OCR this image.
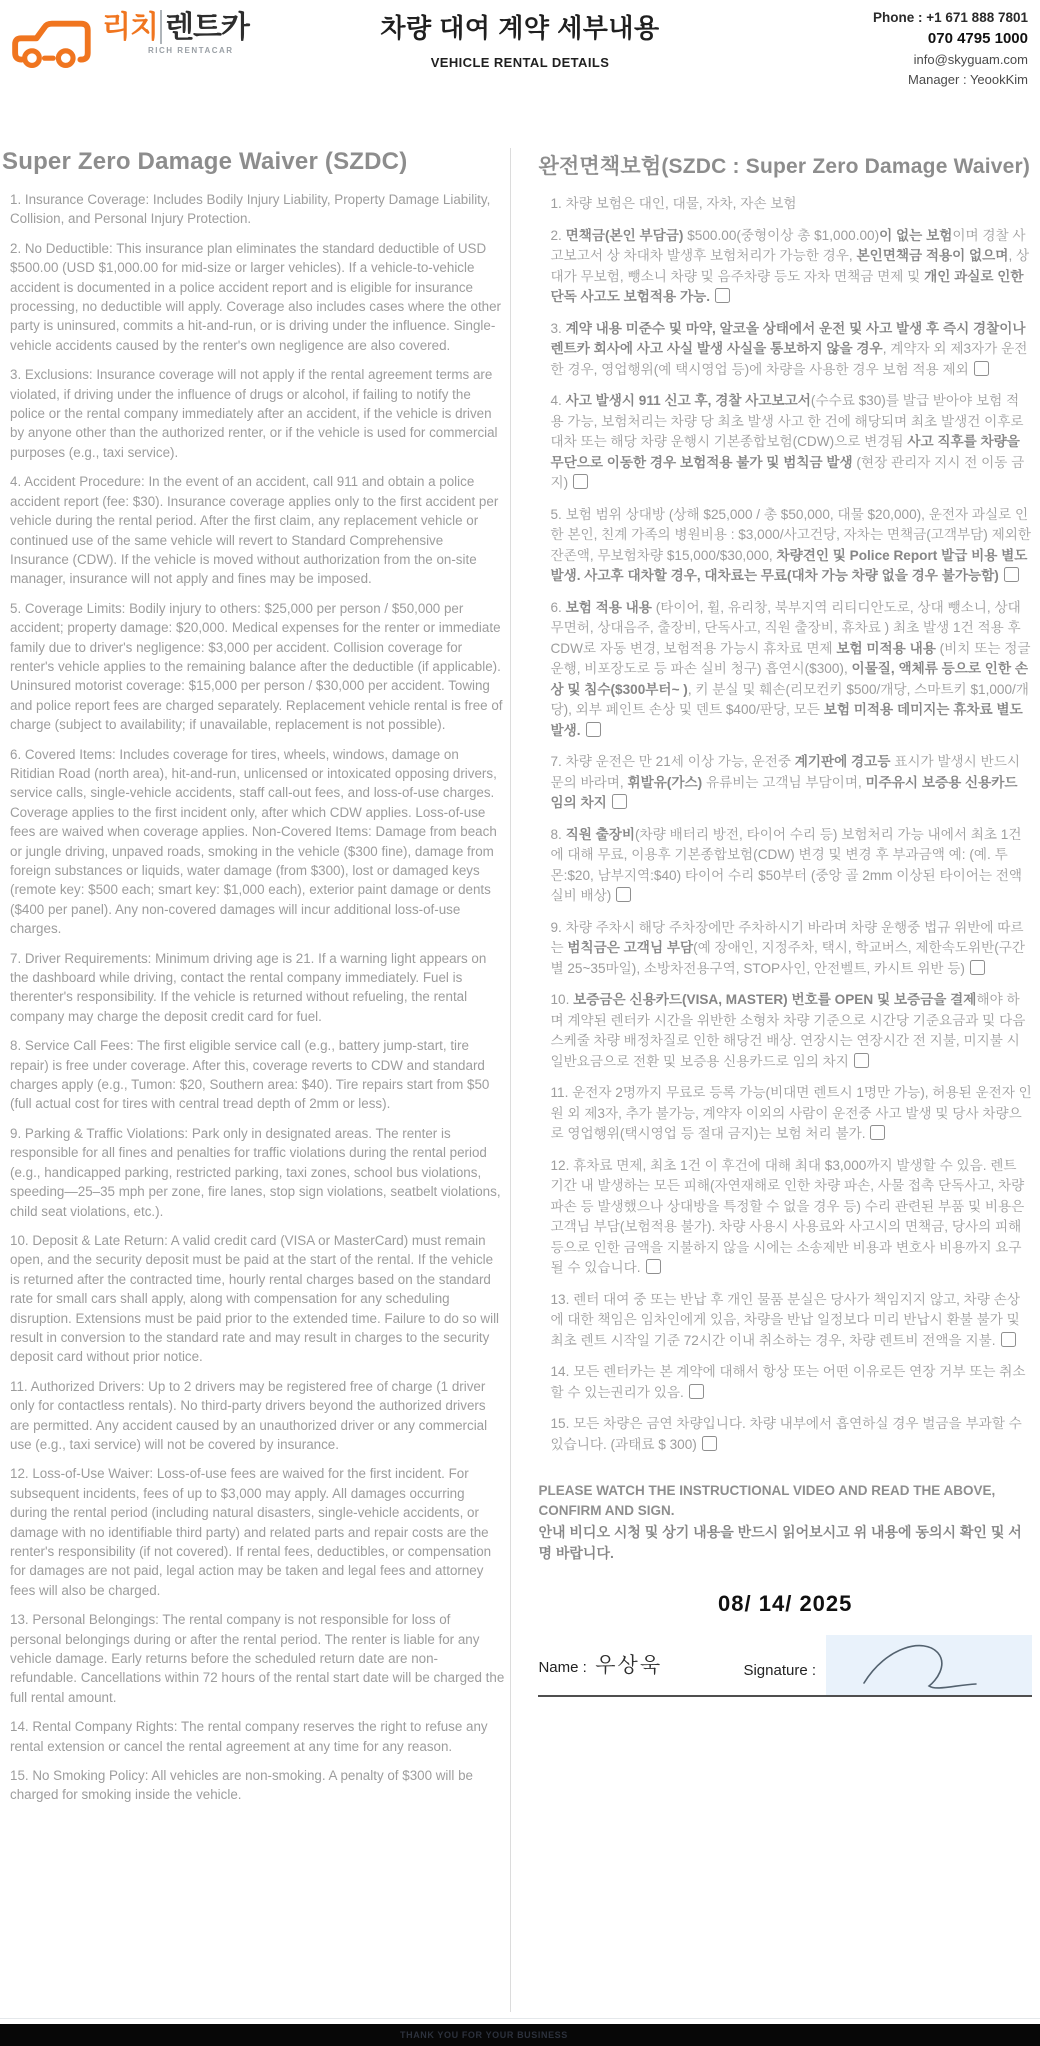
리치 렌트카
RICH RENTACAR
차량 대여 계약 세부내용
VEHICLE RENTAL DETAILS
Phone : +1 671 888 7801
070 4795 1000
info@skyguam.com
Manager : YeookKim
Super Zero Damage Waiver (SZDC)

1. Insurance Coverage: Includes Bodily Injury Liability, Property Damage Liability, Collision, and Personal Injury Protection.

2. No Deductible: This insurance plan eliminates the standard deductible of USD $500.00 (USD $1,000.00 for mid-size or larger vehicles). If a vehicle-to-vehicle accident is documented in a police accident report and is eligible for insurance processing, no deductible will apply. Coverage also includes cases where the other party is uninsured, commits a hit-and-run, or is driving under the influence. Single-vehicle accidents caused by the renter's own negligence are also covered.

3. Exclusions: Insurance coverage will not apply if the rental agreement terms are violated, if driving under the influence of drugs or alcohol, if failing to notify the police or the rental company immediately after an accident, if the vehicle is driven by anyone other than the authorized renter, or if the vehicle is used for commercial purposes (e.g., taxi service).

4. Accident Procedure: In the event of an accident, call 911 and obtain a police accident report (fee: $30). Insurance coverage applies only to the first accident per vehicle during the rental period. After the first claim, any replacement vehicle or continued use of the same vehicle will revert to Standard Comprehensive Insurance (CDW). If the vehicle is moved without authorization from the on-site manager, insurance will not apply and fines may be imposed.

5. Coverage Limits: Bodily injury to others: $25,000 per person / $50,000 per accident; property damage: $20,000. Medical expenses for the renter or immediate family due to driver's negligence: $3,000 per accident. Collision coverage for renter's vehicle applies to the remaining balance after the deductible (if applicable). Uninsured motorist coverage: $15,000 per person / $30,000 per accident. Towing and police report fees are charged separately. Replacement vehicle rental is free of charge (subject to availability; if unavailable, replacement is not possible).

6. Covered Items: Includes coverage for tires, wheels, windows, damage on Ritidian Road (north area), hit-and-run, unlicensed or intoxicated opposing drivers, service calls, single-vehicle accidents, staff call-out fees, and loss-of-use charges. Coverage applies to the first incident only, after which CDW applies. Loss-of-use fees are waived when coverage applies. Non-Covered Items: Damage from beach or jungle driving, unpaved roads, smoking in the vehicle ($300 fine), damage from foreign substances or liquids, water damage (from $300), lost or damaged keys (remote key: $500 each; smart key: $1,000 each), exterior paint damage or dents ($400 per panel). Any non-covered damages will incur additional loss-of-use charges.

7. Driver Requirements: Minimum driving age is 21. If a warning light appears on the dashboard while driving, contact the rental company immediately. Fuel is therenter's responsibility. If the vehicle is returned without refueling, the rental company may charge the deposit credit card for fuel.

8. Service Call Fees: The first eligible service call (e.g., battery jump-start, tire repair) is free under coverage. After this, coverage reverts to CDW and standard charges apply (e.g., Tumon: $20, Southern area: $40). Tire repairs start from $50 (full actual cost for tires with central tread depth of 2mm or less).

9. Parking & Traffic Violations: Park only in designated areas. The renter is responsible for all fines and penalties for traffic violations during the rental period (e.g., handicapped parking, restricted parking, taxi zones, school bus violations, speeding—25–35 mph per zone, fire lanes, stop sign violations, seatbelt violations, child seat violations, etc.).

10. Deposit & Late Return: A valid credit card (VISA or MasterCard) must remain open, and the security deposit must be paid at the start of the rental. If the vehicle is returned after the contracted time, hourly rental charges based on the standard rate for small cars shall apply, along with compensation for any scheduling disruption. Extensions must be paid prior to the extended time. Failure to do so will result in conversion to the standard rate and may result in charges to the security deposit card without prior notice.

11. Authorized Drivers: Up to 2 drivers may be registered free of charge (1 driver only for contactless rentals). No third-party drivers beyond the authorized drivers are permitted. Any accident caused by an unauthorized driver or any commercial use (e.g., taxi service) will not be covered by insurance.

12. Loss-of-Use Waiver: Loss-of-use fees are waived for the first incident. For subsequent incidents, fees of up to $3,000 may apply. All damages occurring during the rental period (including natural disasters, single-vehicle accidents, or damage with no identifiable third party) and related parts and repair costs are the renter's responsibility (if not covered). If rental fees, deductibles, or compensation for damages are not paid, legal action may be taken and legal fees and attorney fees will also be charged.

13. Personal Belongings: The rental company is not responsible for loss of personal belongings during or after the rental period. The renter is liable for any vehicle damage. Early returns before the scheduled return date are non-refundable. Cancellations within 72 hours of the rental start date will be charged the full rental amount.

14. Rental Company Rights: The rental company reserves the right to refuse any rental extension or cancel the rental agreement at any time for any reason.

15. No Smoking Policy: All vehicles are non-smoking. A penalty of $300 will be charged for smoking inside the vehicle.

완전면책보험(SZDC : Super Zero Damage Waiver)

1. 차량 보험은 대인, 대물, 자차, 자손 보험

2. 면책금(본인 부담금) $500.00(중형이상 총 $1,000.00)이 없는 보험이며 경찰 사고보고서 상 차대차 발생후 보험처리가 가능한 경우, 본인면책금 적용이 없으며, 상대가 무보험, 뺑소니 차량 및 음주차량 등도 자차 면책금 면제 및 개인 과실로 인한 단독 사고도 보험적용 가능.

3. 계약 내용 미준수 및 마약, 알코올 상태에서 운전 및 사고 발생 후 즉시 경찰이나 렌트카 회사에 사고 사실 발생 사실을 통보하지 않을 경우, 계약자 외 제3자가 운전한 경우, 영업행위(예 택시영업 등)에 차량을 사용한 경우 보험 적용 제외

4. 사고 발생시 911 신고 후, 경찰 사고보고서(수수료 $30)를 발급 받아야 보험 적용 가능, 보험처리는 차량 당 최초 발생 사고 한 건에 해당되며 최초 발생건 이후로 대차 또는 해당 차량 운행시 기본종합보험(CDW)으로 변경됨 사고 직후를 차량을 무단으로 이동한 경우 보험적용 불가 및 범칙금 발생 (현장 관리자 지시 전 이동 금지)

5. 보험 범위 상대방 (상해 $25,000 / 총 $50,000, 대물 $20,000), 운전자 과실로 인한 본인, 친계 가족의 병원비용 : $3,000/사고건당, 자차는 면책금(고객부담) 제외한 잔존액, 무보험차량 $15,000/$30,000, 차량견인 및 Police Report 발급 비용 별도 발생. 사고후 대차할 경우, 대차료는 무료(대차 가능 차량 없을 경우 불가능함)

6. 보험 적용 내용 (타이어, 휠, 유리창, 북부지역 리티디안도로, 상대 뺑소니, 상대 무면허, 상대음주, 출장비, 단독사고, 직원 출장비, 휴차료 ) 최초 발생 1건 적용 후 CDW로 자동 변경, 보험적용 가능시 휴차료 면제 보험 미적용 내용 (비치 또는 정글 운행, 비포장도로 등 파손 실비 청구) 흡연시($300), 이물질, 액체류 등으로 인한 손상 및 침수($300부터~ ), 키 분실 및 훼손(리모컨키 $500/개당, 스마트키 $1,000/개당), 외부 페인트 손상 및 덴트 $400/판당, 모든 보험 미적용 데미지는 휴차료 별도 발생.

7. 차량 운전은 만 21세 이상 가능, 운전중 계기판에 경고등 표시가 발생시 반드시 문의 바라며, 휘발유(가스) 유류비는 고객님 부담이며, 미주유시 보증용 신용카드 임의 차지

8. 직원 출장비(차량 배터리 방전, 타이어 수리 등) 보험처리 가능 내에서 최초 1건에 대해 무료, 이용후 기본종합보험(CDW) 변경 및 변경 후 부과금액 예: (예. 투몬:$20, 남부지역:$40) 타이어 수리 $50부터 (중앙 골 2mm 이상된 타이어는 전액 실비 배상)

9. 차량 주차시 해당 주차장에만 주차하시기 바라며 차량 운행중 법규 위반에 따르는 범칙금은 고객님 부담(예 장애인, 지정주차, 택시, 학교버스, 제한속도위반(구간별 25~35마일), 소방차전용구역, STOP사인, 안전벨트, 카시트 위반 등)

10. 보증금은 신용카드(VISA, MASTER) 번호를 OPEN 및 보증금을 결제해야 하며 계약된 렌터카 시간을 위반한 소형차 차량 기준으로 시간당 기준요금과 및 다음 스케줄 차량 배정차질로 인한 해당건 배상. 연장시는 연장시간 전 지불, 미지불 시 일반요금으로 전환 및 보증용 신용카드로 임의 차지

11. 운전자 2명까지 무료로 등록 가능(비대면 렌트시 1명만 가능), 허용된 운전자 인원 외 제3자, 추가 불가능, 계약자 이외의 사람이 운전중 사고 발생 및 당사 차량으로 영업행위(택시영업 등 절대 금지)는 보험 처리 불가.

12. 휴차료 면제, 최초 1건 이 후건에 대해 최대 $3,000까지 발생할 수 있음. 렌트 기간 내 발생하는 모든 피해(자연재해로 인한 차량 파손, 사물 접촉 단독사고, 차량 파손 등 발생했으나 상대방을 특정할 수 없을 경우 등) 수리 관련된 부품 및 비용은 고객님 부담(보험적용 불가). 차량 사용시 사용료와 사고시의 면책금, 당사의 피해 등으로 인한 금액을 지불하지 않을 시에는 소송제반 비용과 변호사 비용까지 요구될 수 있습니다.

13. 렌터 대여 중 또는 반납 후 개인 물품 분실은 당사가 책임지지 않고, 차량 손상에 대한 책임은 임차인에게 있음, 차량을 반납 일정보다 미리 반납시 환불 불가 및 최초 렌트 시작일 기준 72시간 이내 취소하는 경우, 차량 렌트비 전액을 지불.

14. 모든 렌터카는 본 계약에 대해서 항상 또는 어떤 이유로든 연장 거부 또는 취소할 수 있는권리가 있음.

15. 모든 차량은 금연 차량입니다. 차량 내부에서 흡연하실 경우 벌금을 부과할 수 있습니다. (과태료 $ 300)

PLEASE WATCH THE INSTRUCTIONAL VIDEO AND READ THE ABOVE, CONFIRM AND SIGN.

안내 비디오 시청 및 상기 내용을 반드시 읽어보시고 위 내용에 동의시 확인 및 서명 바랍니다.

08/ 14/ 2025
Name : 우상욱	Signature :
THANK YOU FOR YOUR BUSINESS
